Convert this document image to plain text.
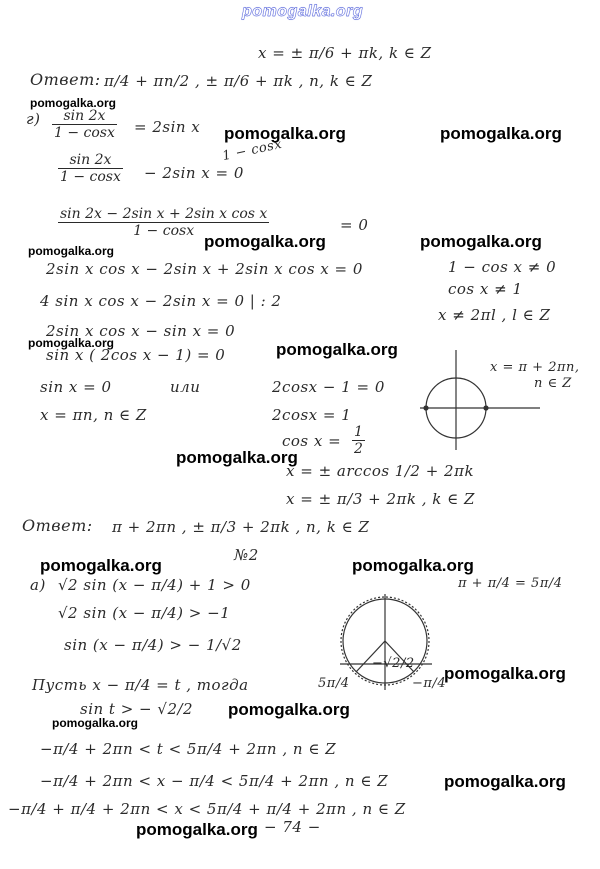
pomogalka.org
x = ± π/6 + πk, k ∈ Z
Ответ: π/4 + πn/2 , ± π/6 + πk , n, k ∈ Z
pomogalka.org
$г) \frac{\sin 2x}{1 - \cos x} = 2\sin$ x pomogalka.org	pomogalka.org
1 − cosx
$\frac{\sin 2x}{1 - \cos x} - 2\sin$ x = 0
$\frac{\text{sin 2x − 2sin x + 2sin x cos x}}{1 - \cos x}$	= 0
pomogalka.org	pomogalka.org
pomogalka.org
2sin x cos x − 2sin x + 2sin x cos x = 0	1 − cos x ≠ 0
cos x ≠ 1
4 sin x cos x − 2sin x = 0 | : 2
x ≠ 2πl , l ∈ Z
2sin x cos x − sin x = 0
pomogalka.org	pomogalka.org
sin x ( 2cos x − 1) = 0
x = π + 2πn,
n ∈ Z
sin x = 0	или	2cosx − 1 = 0
x = πn, n ∈ Z	2cosx = 1
$\cos x = \frac{1}{2}$
pomogalka.org
x = ± arccos 1/2 + 2πk
x = ± π/3 + 2πk , k ∈ Z
Ответ: π + 2πn , ± π/3 + 2πk , n, k ∈ Z
№2
pomogalka.org	pomogalka.org
а) √2 sin (x − π/4) + 1 > 0	π + π/4 = 5π/4
√2 sin (x − π/4) > −1
sin (x − π/4) > − 1/√2
−√2/2
5π/4	−π/4
pomogalka.org
Пусть x − π/4 = t , тогда
sin t > − √2/2 pomogalka.org
pomogalka.org
−π/4 + 2πn < t < 5π/4 + 2πn , n ∈ Z
pomogalka.org
−π/4 + 2πn < x − π/4 < 5π/4 + 2πn , n ∈ Z
−π/4 + π/4 + 2πn < x < 5π/4 + π/4 + 2πn , n ∈ Z
pomogalka.org − 74 −
